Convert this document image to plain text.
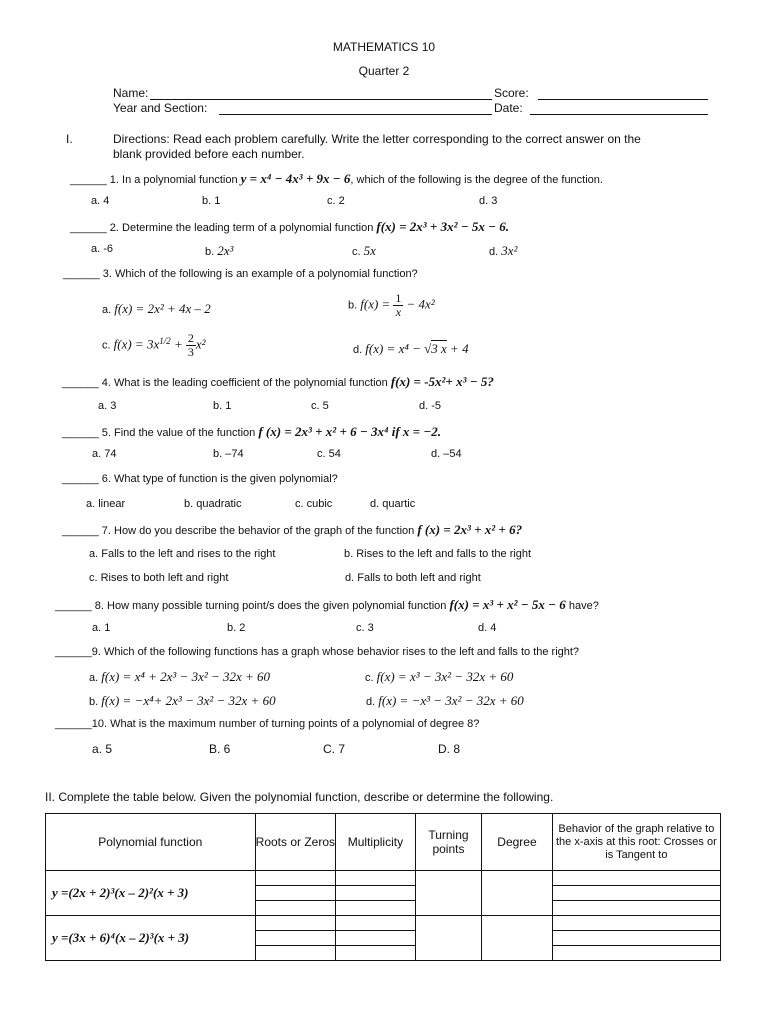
MATHEMATICS 10
Quarter 2
Name:	Score:
Year and Section:	Date:
I.	Directions: Read each problem carefully. Write the letter corresponding to the correct answer on the
blank provided before each number.
______ 1. In a polynomial function y = x⁴ − 4x³ + 9x − 6, which of the following is the degree of the function.
a. 4	b. 1	c. 2	d. 3
______ 2. Determine the leading term of a polynomial function f(x) = 2x³ + 3x² − 5x − 6.
a. -6	b. 2x³	c. 5x	d. 3x²
______ 3. Which of the following is an example of a polynomial function?
a. f(x) = 2x² + 4x – 2	b. $f(x) = \frac{1}{x} - 4x^2$
c. $f(x) = 3x^{1/2} + \frac{2}{3} x^2$	d. f(x) = x⁴ − √3 x + 4
______ 4. What is the leading coefficient of the polynomial function f(x) = -5x²+ x³ − 5?
a. 3	b. 1	c. 5	d. -5
______ 5. Find the value of the function f (x) = 2x³ + x² + 6 − 3x⁴ if x = −2.
a. 74	b. –74	c. 54	d. –54
______ 6. What type of function is the given polynomial?
a. linear	b. quadratic	c. cubic	d. quartic
______ 7. How do you describe the behavior of the graph of the function f (x) = 2x³ + x² + 6?
a. Falls to the left and rises to the right	b. Rises to the left and falls to the right
c. Rises to both left and right	d. Falls to both left and right
______ 8. How many possible turning point/s does the given polynomial function f(x) = x³ + x² − 5x − 6 have?
a. 1	b. 2	c. 3	d. 4
______9. Which of the following functions has a graph whose behavior rises to the left and falls to the right?
a. f(x) = x⁴ + 2x³ − 3x² − 32x + 60	c. f(x) = x³ − 3x² − 32x + 60
b. f(x) = −x⁴+ 2x³ − 3x² − 32x + 60	d. f(x) = −x³ − 3x² − 32x + 60
______10. What is the maximum number of turning points of a polynomial of degree 8?
a. 5	B. 6	C. 7	D. 8
II. Complete the table below. Given the polynomial function, describe or determine the following.
Polynomial function	Roots or Zeros	Multiplicity	Turning points	Degree	Behavior of the graph relative to the x-axis at this root: Crosses or is Tangent to
y =(2x + 2)³(x – 2)²(x + 3)	

y =(3x + 6)⁴(x – 2)³(x + 3)	
